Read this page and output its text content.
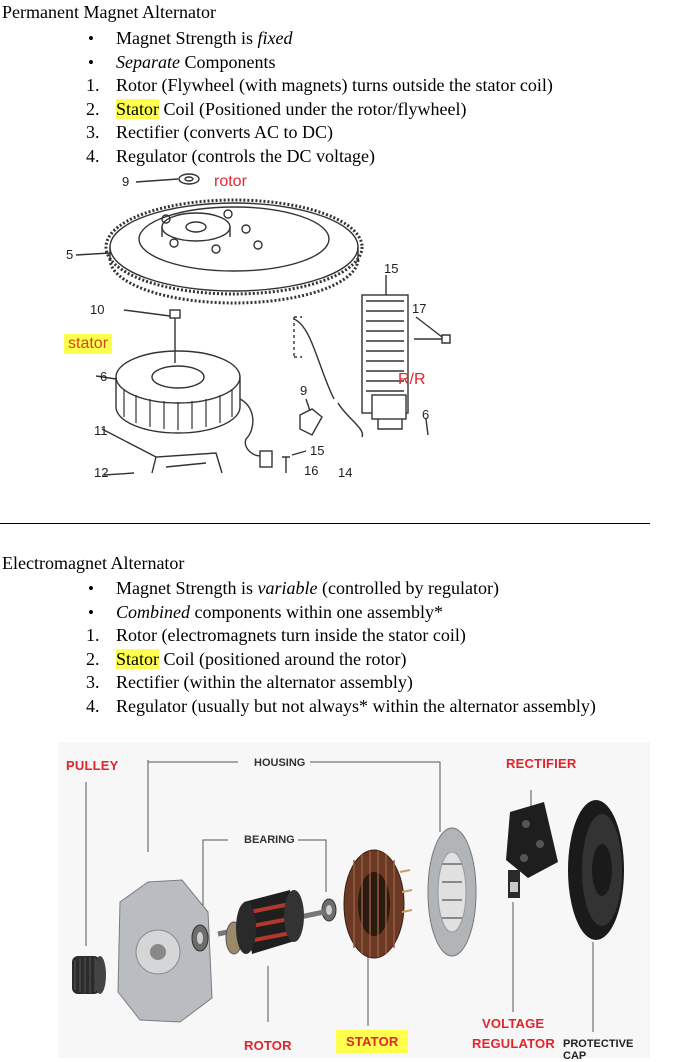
Permanent Magnet Alternator
•	Magnet Strength is fixed
•	Separate Components
1. Rotor (Flywheel (with magnets) turns outside the stator coil)
2. Stator Coil (Positioned under the rotor/flywheel)
3. Rectifier (converts AC to DC)
4. Regulator (controls the DC voltage)
9	rotor
5
15
10	17
stator
6	R/R
9
6
11
15
16 14
12
Electromagnet Alternator
•	Magnet Strength is variable (controlled by regulator)
•	Combined components within one assembly*
1. Rotor (electromagnets turn inside the stator coil)
2. Stator Coil (positioned around the rotor)
3. Rectifier (within the alternator assembly)
4. Regulator (usually but not always* within the alternator assembly)
PULLEY	HOUSING	RECTIFIER
BEARING
ROTOR	STATOR
VOLTAGE
REGULATOR PROTECTIVE CAP
